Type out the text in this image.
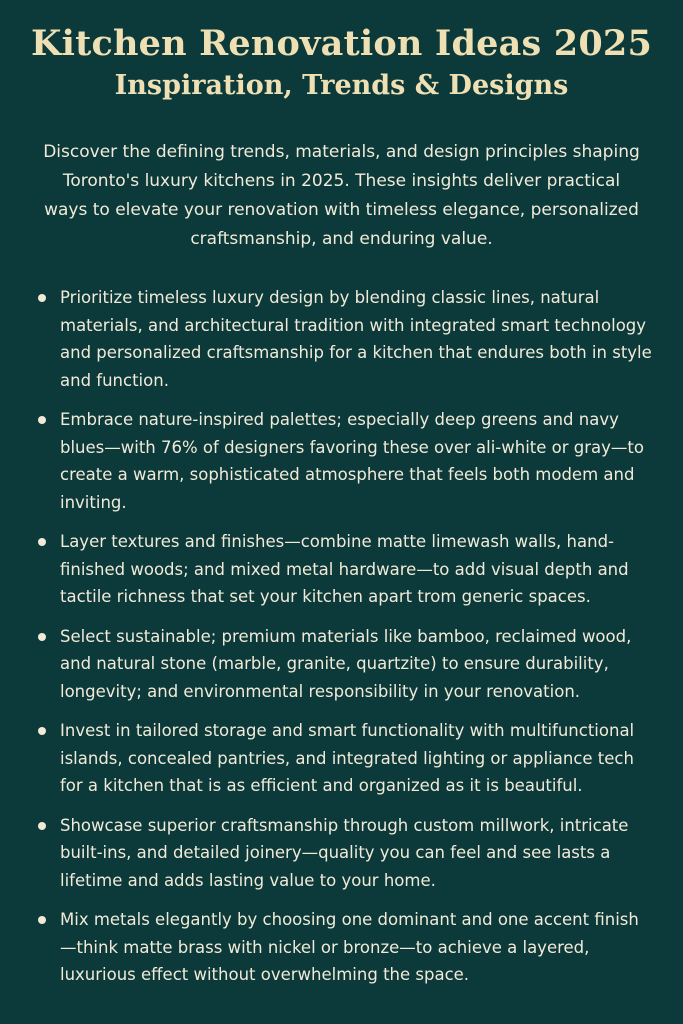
Kitchen Renovation Ideas 2025
Inspiration, Trends & Designs

Discover the defining trends, materials, and design principles shaping Toronto's luxury kitchens in 2025. These insights deliver practical ways to elevate your renovation with timeless elegance, personalized craftsmanship, and enduring value.

Prioritize timeless luxury design by blending classic lines, natural materials, and architectural tradition with integrated smart technology and personalized craftsmanship for a kitchen that endures both in style and function.
Embrace nature-inspired palettes; especially deep greens and navy blues—with 76% of designers favoring these over ali-white or gray—to create a warm, sophisticated atmosphere that feels both modem and inviting.
Layer textures and finishes—combine matte limewash walls, hand-finished woods; and mixed metal hardware—to add visual depth and tactile richness that set your kitchen apart trom generic spaces.
Select sustainable; premium materials like bamboo, reclaimed wood, and natural stone (marble, granite, quartzite) to ensure durability, longevity; and environmental responsibility in your renovation.
Invest in tailored storage and smart functionality with multifunctional islands, concealed pantries, and integrated lighting or appliance tech for a kitchen that is as efficient and organized as it is beautiful.
Showcase superior craftsmanship through custom millwork, intricate built-ins, and detailed joinery—quality you can feel and see lasts a lifetime and adds lasting value to your home.
Mix metals elegantly by choosing one dominant and one accent finish—think matte brass with nickel or bronze—to achieve a layered, luxurious effect without overwhelming the space.
